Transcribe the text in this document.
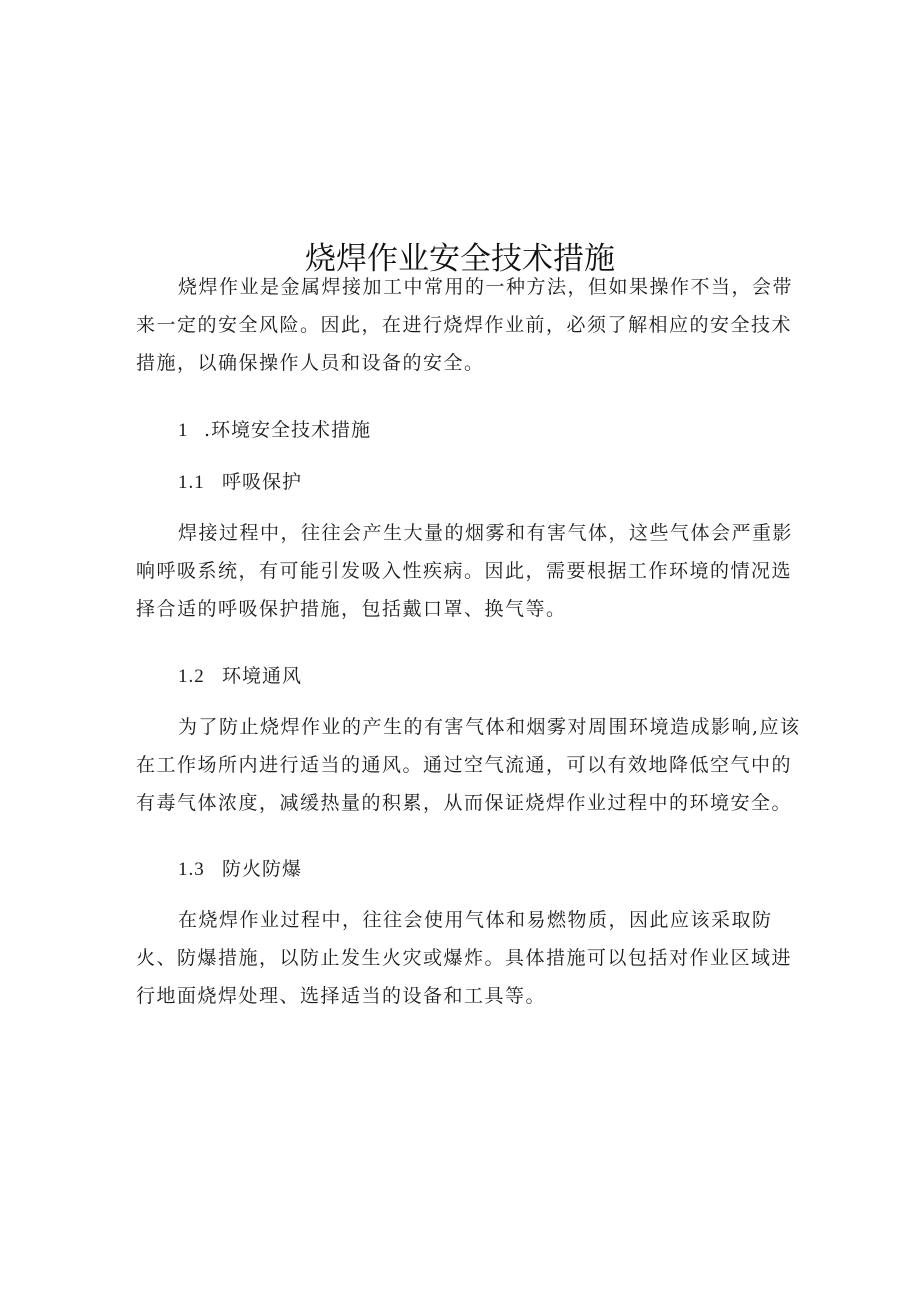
烧焊作业安全技术措施
烧焊作业是金属焊接加工中常用的一种方法，但如果操作不当，会带
来一定的安全风险。因此，在进行烧焊作业前，必须了解相应的安全技术
措施，以确保操作人员和设备的安全。
1 .环境安全技术措施
1.1 呼吸保护
焊接过程中，往往会产生大量的烟雾和有害气体，这些气体会严重影
响呼吸系统，有可能引发吸入性疾病。因此，需要根据工作环境的情况选
择合适的呼吸保护措施，包括戴口罩、换气等。
1.2 环境通风
为了防止烧焊作业的产生的有害气体和烟雾对周围环境造成影响,应该
在工作场所内进行适当的通风。通过空气流通，可以有效地降低空气中的
有毒气体浓度，减缓热量的积累，从而保证烧焊作业过程中的环境安全。
1.3 防火防爆
在烧焊作业过程中，往往会使用气体和易燃物质，因此应该采取防
火、防爆措施，以防止发生火灾或爆炸。具体措施可以包括对作业区域进
行地面烧焊处理、选择适当的设备和工具等。
